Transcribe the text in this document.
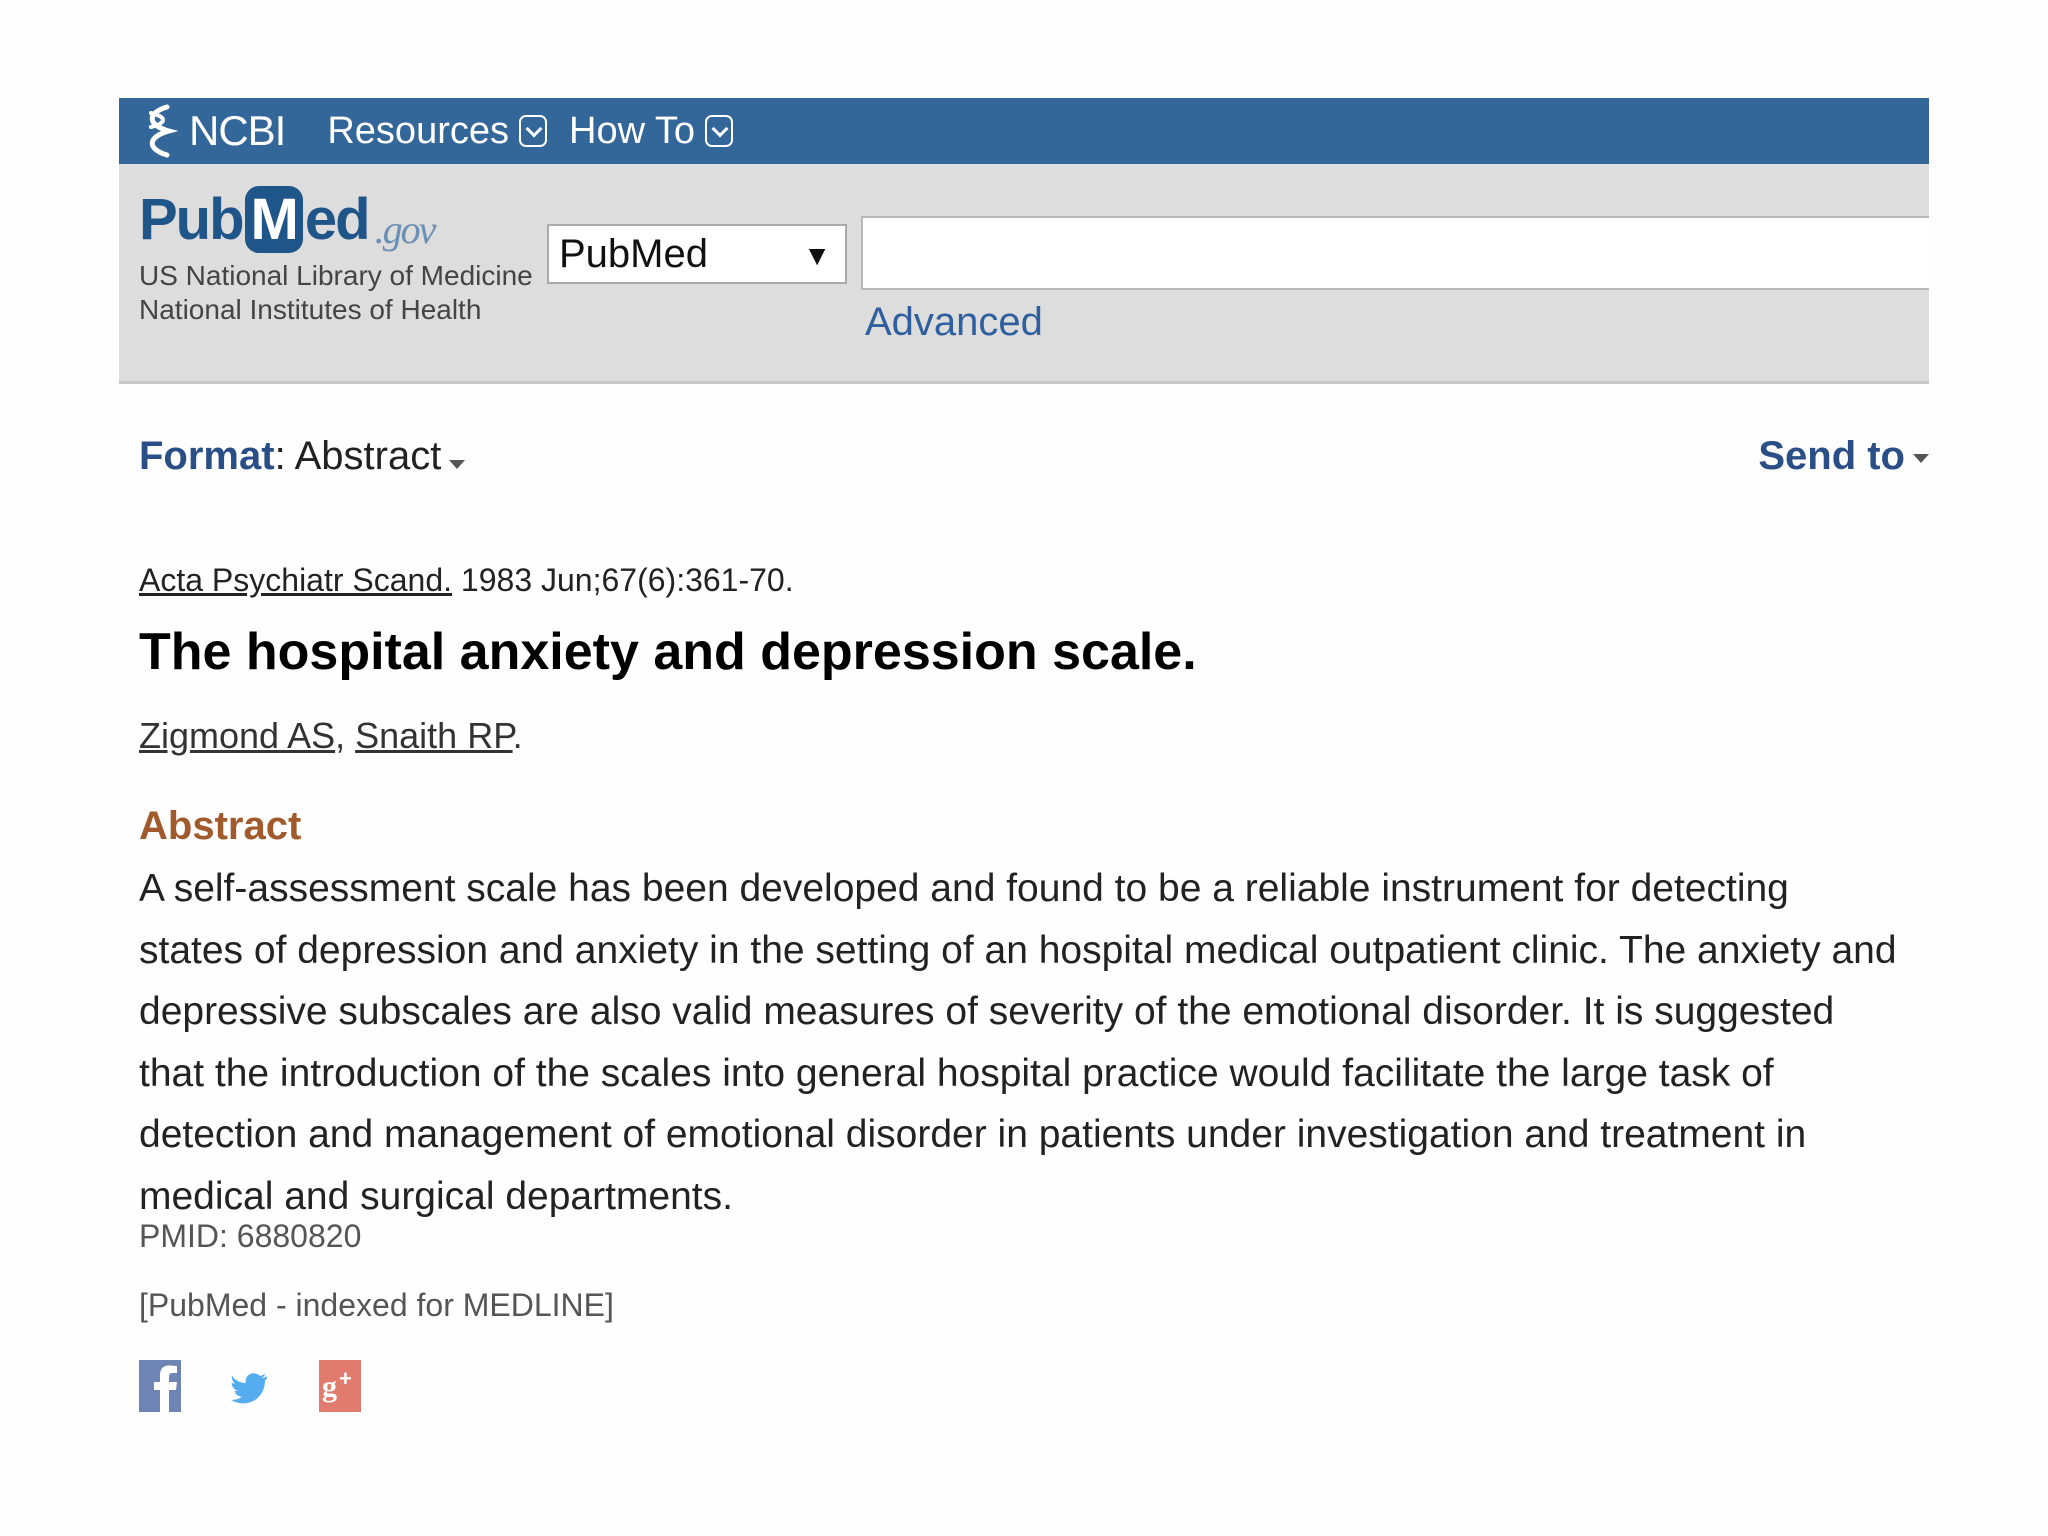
NCBI Resources How To
Pub M ed .gov
US National Library of Medicine
National Institutes of Health
PubMed	▼
Advanced
Format: Abstract	Send to
Acta Psychiatr Scand. 1983 Jun;67(6):361-70.
The hospital anxiety and depression scale.
Zigmond AS, Snaith RP.
Abstract

A self-assessment scale has been developed and found to be a reliable instrument for detecting states of depression and anxiety in the setting of an hospital medical outpatient clinic. The anxiety and depressive subscales are also valid measures of severity of the emotional disorder. It is suggested that the introduction of the scales into general hospital practice would facilitate the large task of detection and management of emotional disorder in patients under investigation and treatment in medical and surgical departments.

PMID: 6880820
[PubMed - indexed for MEDLINE]
g +
